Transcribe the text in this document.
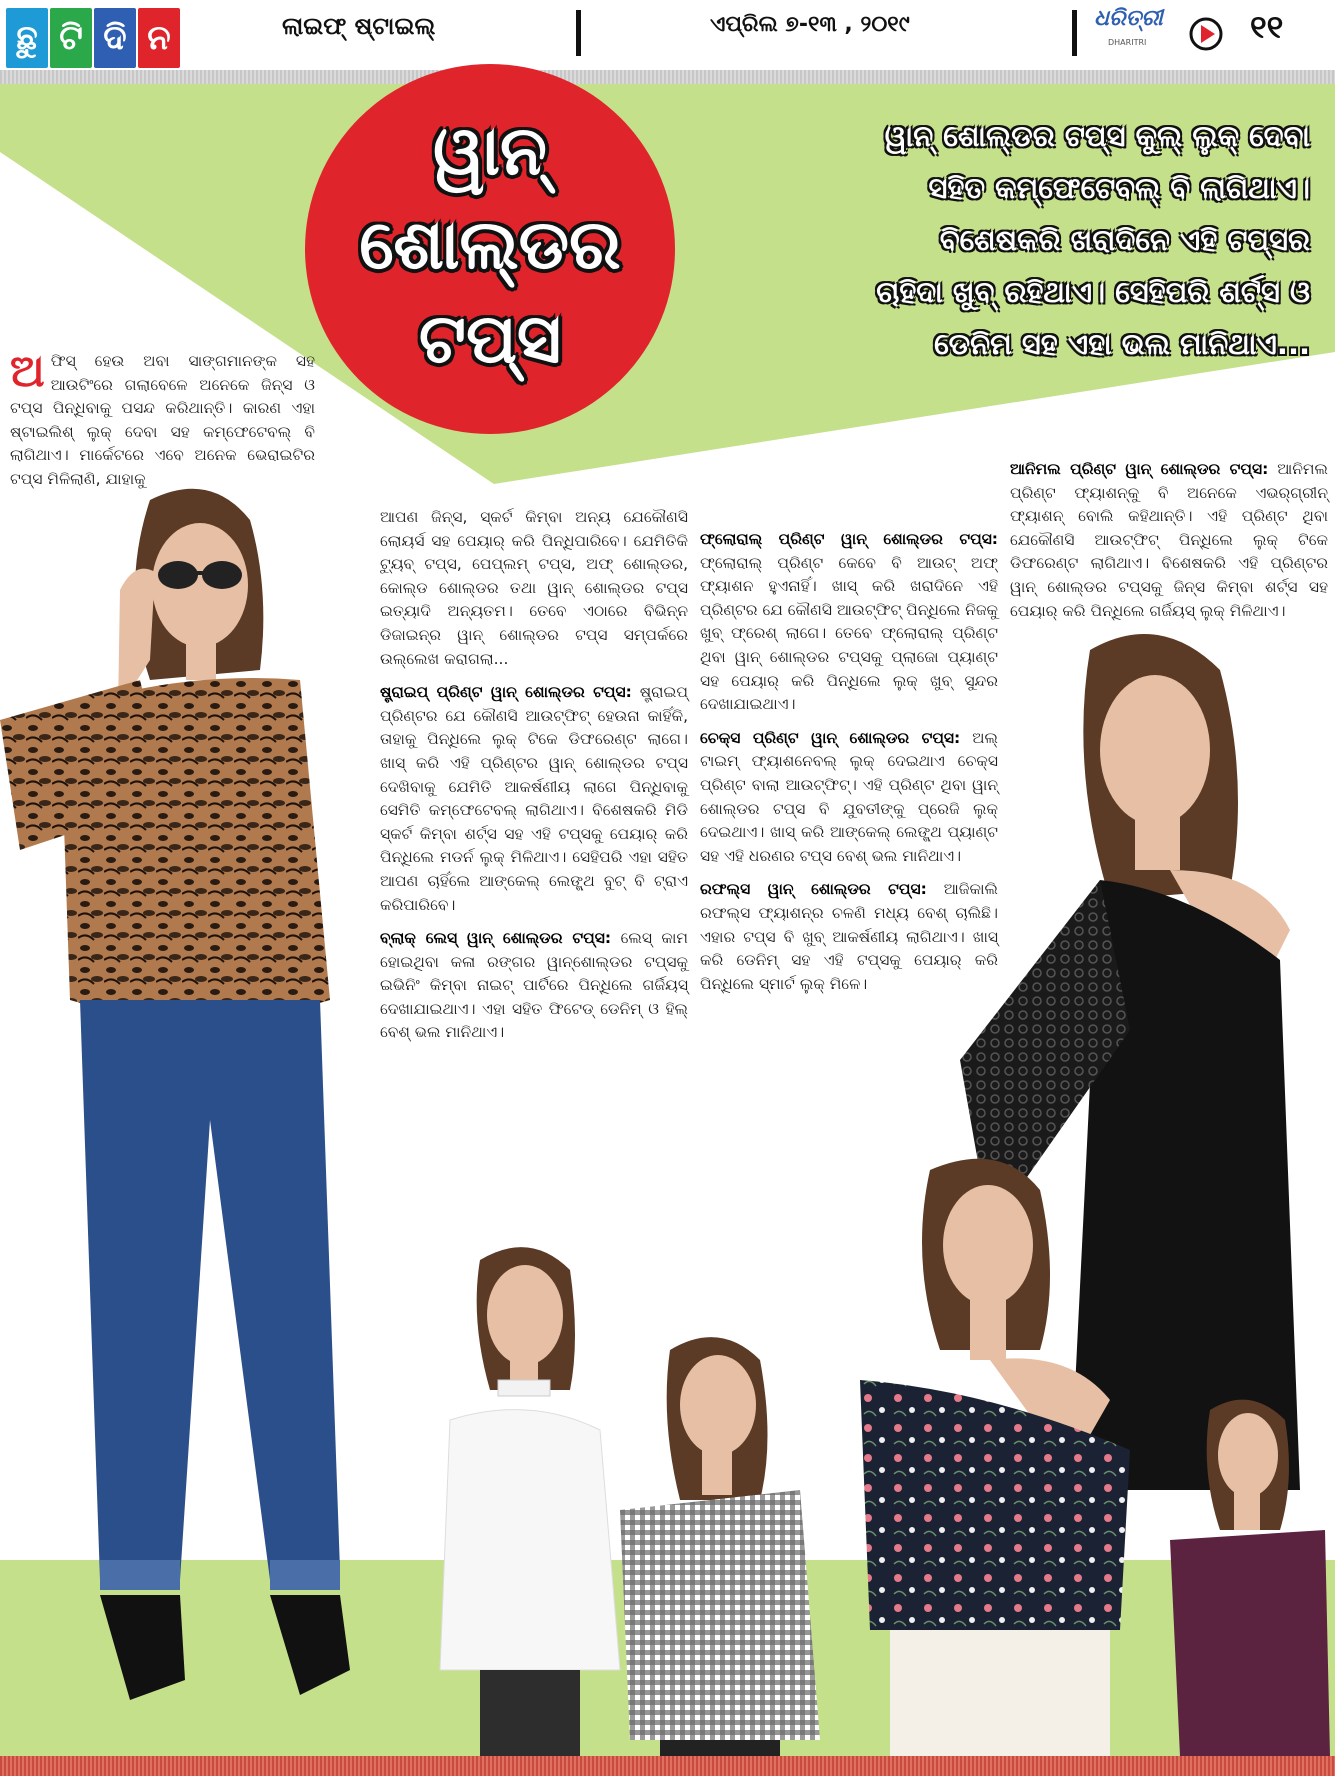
ଛୁ ଟି ଦି ନ	ଲାଇଫ୍ ଷ୍ଟାଇଲ୍	ଏପ୍ରିଲ ୭-୧୩ , ୨୦୧୯	ଧରିତ୍ରୀ
DHARITRI	୧୧
ୱାନ୍
ଶୋଲ୍ଡର
ଟପ୍ସ
ୱାନ୍ ଶୋଲ୍ଡର ଟପ୍ସ କୁଲ୍ ଲୁକ୍ ଦେବା
ସହିତ କମ୍ଫେଟେବଲ୍ ବି ଲାଗିଥାଏ।
ବିଶେଷକରି ଖରାଦିନେ ଏହି ଟପ୍ସର
ଚାହିଦା ଖୁବ୍ ରହିଥାଏ। ସେହିପରି ଶର୍ଟ୍ସ ଓ
ଡେନିମ ସହ ଏହା ଭଲ ମାନିଥାଏ...
ଅଫିସ୍ ହେଉ ଅବା ସାଙ୍ଗମାନଙ୍କ ସହ ଆଉଟିଂରେ ଗଲାବେଳେ ଅନେକେ ଜିନ୍ସ ଓ ଟପ୍ସ ପିନ୍ଧିବାକୁ ପସନ୍ଦ କରିଥାନ୍ତି। କାରଣ ଏହା ଷ୍ଟାଇଲିଶ୍ ଲୁକ୍ ଦେବା ସହ କମ୍ଫେଟେବଲ୍ ବି ଲାଗିଥାଏ। ମାର୍କେଟରେ ଏବେ ଅନେକ ଭେରାଇଟିର ଟପ୍ସ ମିଳିଲାଣି, ଯାହାକୁ

ଆପଣ ଜିନ୍ସ, ସ୍କର୍ଟ କିମ୍ବା ଅନ୍ୟ ଯେକୌଣସି ଲୋୟର୍ସ ସହ ପେୟାର୍ କରି ପିନ୍ଧିପାରିବେ। ଯେମିତିକି ଟ୍ୟୁବ୍ ଟପ୍ସ, ପେପ୍ଲମ୍ ଟପ୍ସ, ଅଫ୍ ଶୋଲ୍ଡର, କୋଲ୍ଡ ଶୋଲ୍ଡର ତଥା ୱାନ୍ ଶୋଲ୍ଡର ଟପ୍ସ ଇତ୍ୟାଦି ଅନ୍ୟତମ। ତେବେ ଏଠାରେ ବିଭିନ୍ନ ଡିଜାଇନ୍‌ର ୱାନ୍ ଶୋଲ୍ଡର ଟପ୍ସ ସମ୍ପର୍କରେ ଉଲ୍ଲେଖ କରାଗଲା...

ଷ୍ଟ୍ରାଇପ୍ ପ୍ରିଣ୍ଟ ୱାନ୍ ଶୋଲ୍ଡର ଟପ୍ସ: ଷ୍ଟ୍ରାଇପ୍ ପ୍ରିଣ୍ଟର ଯେ କୌଣସି ଆଉଟ୍‌ଫିଟ୍ ହେଉନା କାହିଁକି, ତାହାକୁ ପିନ୍ଧିଲେ ଲୁକ୍ ଟିକେ ଡିଫରେଣ୍ଟ ଲାଗେ। ଖାସ୍ କରି ଏହି ପ୍ରିଣ୍ଟର ୱାନ୍ ଶୋଲ୍ଡର ଟପ୍ସ ଦେଖିବାକୁ ଯେମିତି ଆକର୍ଷଣୀୟ ଲାଗେ ପିନ୍ଧିବାକୁ ସେମିତି କମ୍ଫେଟେବଲ୍ ଲାଗିଥାଏ। ବିଶେଷକରି ମିଡି ସ୍କର୍ଟ କିମ୍ବା ଶର୍ଟ୍ସ ସହ ଏହି ଟପ୍ସକୁ ପେୟାର୍ କରି ପିନ୍ଧିଲେ ମଡର୍ନ ଲୁକ୍ ମିଳିଥାଏ। ସେହିପରି ଏହା ସହିତ ଆପଣ ଚାହିଁଲେ ଆଙ୍କେଲ୍ ଲେଙ୍ଗ୍ଥ ବୁଟ୍ ବି ଟ୍ରାଏ କରିପାରିବେ।

ବ୍ଲାକ୍ ଲେସ୍ ୱାନ୍ ଶୋଲ୍ଡର ଟପ୍ସ: ଲେସ୍ କାମ ହୋଇଥିବା କଳା ରଙ୍ଗର ୱାନ୍‌ଶୋଲ୍ଡର ଟପ୍ସକୁ ଇଭିନିଂ କିମ୍ବା ନାଇଟ୍ ପାର୍ଟିରେ ପିନ୍ଧିଲେ ଗର୍ଜିୟସ୍ ଦେଖାଯାଇଥାଏ। ଏହା ସହିତ ଫିଟେଡ୍ ଡେନିମ୍ ଓ ହିଲ୍ ବେଶ୍ ଭଲ ମାନିଥାଏ।

ଫ୍ଲୋରାଲ୍ ପ୍ରିଣ୍ଟ ୱାନ୍ ଶୋଲ୍ଡର ଟପ୍ସ: ଫ୍ଲୋରାଲ୍ ପ୍ରିଣ୍ଟ କେବେ ବି ଆଉଟ୍ ଅଫ୍ ଫ୍ୟାଶନ ହୁଏନାହିଁ। ଖାସ୍ କରି ଖରାଦିନେ ଏହି ପ୍ରିଣ୍ଟର ଯେ କୌଣସି ଆଉଟ୍‌ଫିଟ୍ ପିନ୍ଧିଲେ ନିଜକୁ ଖୁବ୍ ଫ୍ରେଶ୍ ଲାଗେ। ତେବେ ଫ୍ଲୋରାଲ୍ ପ୍ରିଣ୍ଟ ଥିବା ୱାନ୍ ଶୋଲ୍ଡର ଟପ୍ସକୁ ପ୍ଲାଜୋ ପ୍ୟାଣ୍ଟ ସହ ପେୟାର୍ କରି ପିନ୍ଧିଲେ ଲୁକ୍ ଖୁବ୍ ସୁନ୍ଦର ଦେଖାଯାଇଥାଏ।

ଚେକ୍ସ ପ୍ରିଣ୍ଟ ୱାନ୍ ଶୋଲ୍ଡର ଟପ୍ସ: ଅଲ୍ ଟାଇମ୍ ଫ୍ୟାଶନେବଲ୍ ଲୁକ୍ ଦେଇଥାଏ ଚେକ୍ସ ପ୍ରିଣ୍ଟ ବାଲା ଆଉଟ୍‌ଫିଟ୍। ଏହି ପ୍ରିଣ୍ଟ ଥିବା ୱାନ୍ ଶୋଲ୍ଡର ଟପ୍ସ ବି ଯୁବତୀଙ୍କୁ ପ୍ରେଜି ଲୁକ୍ ଦେଇଥାଏ। ଖାସ୍ କରି ଆଙ୍କେଲ୍ ଲେଙ୍ଗ୍ଥ ପ୍ୟାଣ୍ଟ ସହ ଏହି ଧରଣର ଟପ୍ସ ବେଶ୍ ଭଲ ମାନିଥାଏ।

ରଫଲ୍ସ ୱାନ୍ ଶୋଲ୍ଡର ଟପ୍ସ: ଆଜିକାଲି ରଫଲ୍ସ ଫ୍ୟାଶନ୍‌ର ଚଳଣି ମଧ୍ୟ ବେଶ୍ ଚାଲିଛି। ଏହାର ଟପ୍ସ ବି ଖୁବ୍ ଆକର୍ଷଣୀୟ ଲାଗିଥାଏ। ଖାସ୍ କରି ଡେନିମ୍ ସହ ଏହି ଟପ୍ସକୁ ପେୟାର୍ କରି ପିନ୍ଧିଲେ ସ୍ମାର୍ଟ ଲୁକ୍ ମିଳେ।

ଆନିମଲ ପ୍ରିଣ୍ଟ ୱାନ୍ ଶୋଲ୍ଡର ଟପ୍ସ: ଆନିମଲ ପ୍ରିଣ୍ଟ ଫ୍ୟାଶନ୍‌କୁ ବି ଅନେକେ ଏଭର୍‌ଗ୍ରୀନ୍ ଫ୍ୟାଶନ୍ ବୋଲି କହିଥାନ୍ତି। ଏହି ପ୍ରିଣ୍ଟ ଥିବା ଯେକୌଣସି ଆଉଟ୍‌ଫିଟ୍ ପିନ୍ଧିଲେ ଲୁକ୍ ଟିକେ ଡିଫରେଣ୍ଟ ଲାଗିଥାଏ। ବିଶେଷକରି ଏହି ପ୍ରିଣ୍ଟର ୱାନ୍ ଶୋଲ୍ଡର ଟପ୍ସକୁ ଜିନ୍ସ କିମ୍ବା ଶର୍ଟ୍ସ ସହ ପେୟାର୍ କରି ପିନ୍ଧିଲେ ଗର୍ଜିୟସ୍ ଲୁକ୍ ମିଳିଥାଏ।
